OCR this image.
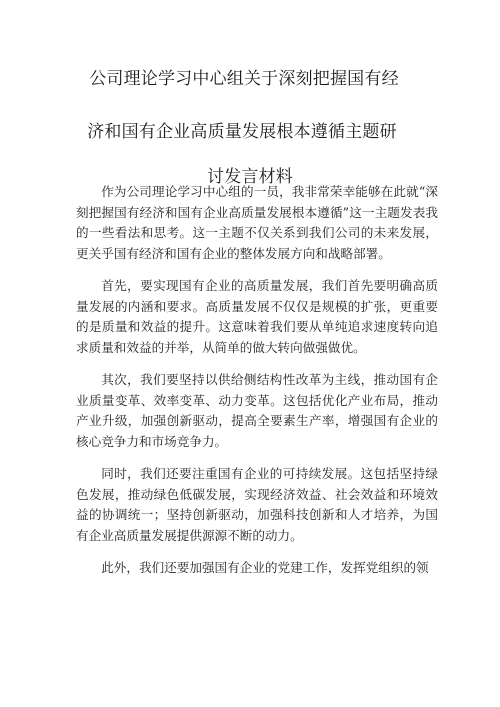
公司理论学习中心组关于深刻把握国有经
济和国有企业高质量发展根本遵循主题研
讨发言材料

作为公司理论学习中心组的一员，我非常荣幸能够在此就“深刻把握国有经济和国有企业高质量发展根本遵循”这一主题发表我的一些看法和思考。这一主题不仅关系到我们公司的未来发展，更关乎国有经济和国有企业的整体发展方向和战略部署。

首先，要实现国有企业的高质量发展，我们首先要明确高质量发展的内涵和要求。高质量发展不仅仅是规模的扩张，更重要的是质量和效益的提升。这意味着我们要从单纯追求速度转向追求质量和效益的并举，从简单的做大转向做强做优。

其次，我们要坚持以供给侧结构性改革为主线，推动国有企业质量变革、效率变革、动力变革。这包括优化产业布局，推动产业升级，加强创新驱动，提高全要素生产率，增强国有企业的核心竞争力和市场竞争力。

同时，我们还要注重国有企业的可持续发展。这包括坚持绿色发展，推动绿色低碳发展，实现经济效益、社会效益和环境效益的协调统一；坚持创新驱动，加强科技创新和人才培养，为国有企业高质量发展提供源源不断的动力。

此外，我们还要加强国有企业的党建工作，发挥党组织的领
